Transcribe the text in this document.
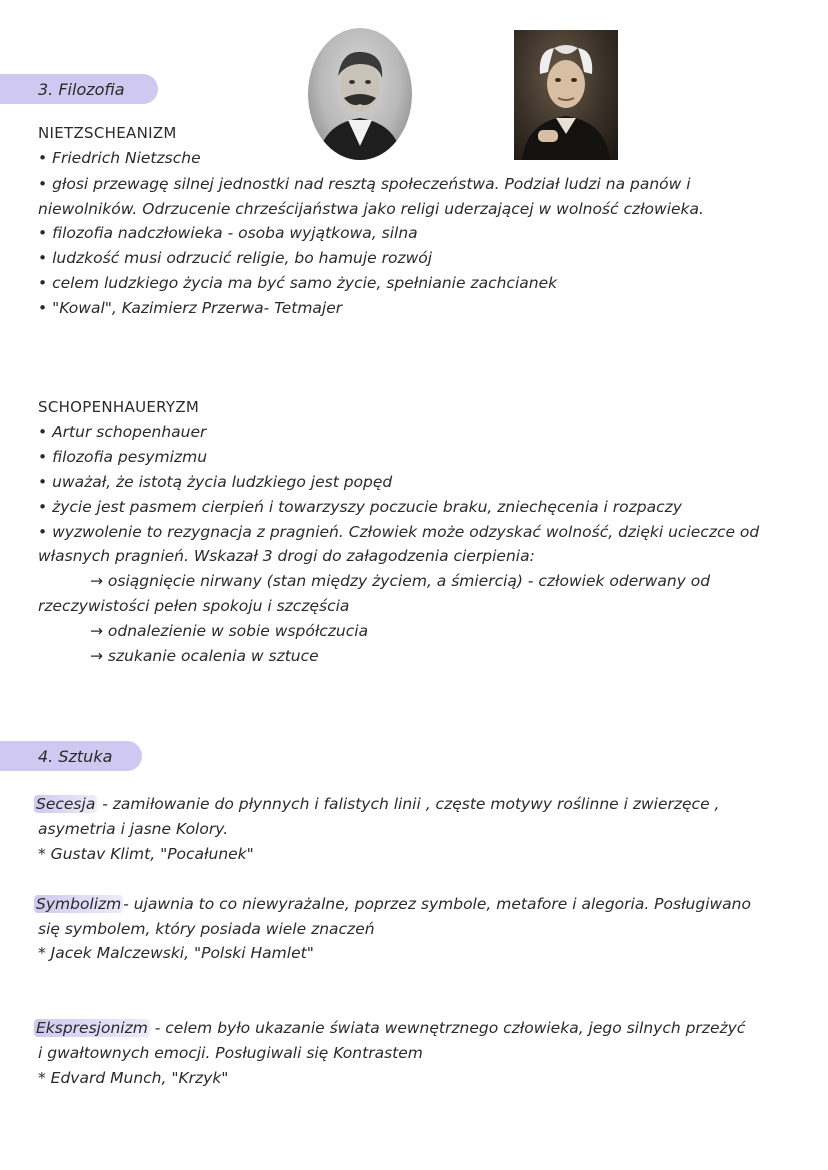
3. Filozofia
NIETZSCHEANIZM
• Friedrich Nietzsche
• głosi przewagę silnej jednostki nad resztą społeczeństwa. Podział ludzi na panów i
niewolników. Odrzucenie chrześcijaństwa jako religi uderzającej w wolność człowieka.
• filozofia nadczłowieka - osoba wyjątkowa, silna
• ludzkość musi odrzucić religie, bo hamuje rozwój
• celem ludzkiego życia ma być samo życie, spełnianie zachcianek
• "Kowal", Kazimierz Przerwa- Tetmajer
SCHOPENHAUERYZM
• Artur schopenhauer
• filozofia pesymizmu
• uważał, że istotą życia ludzkiego jest popęd
• życie jest pasmem cierpień i towarzyszy poczucie braku, zniechęcenia i rozpaczy
• wyzwolenie to rezygnacja z pragnień. Człowiek może odzyskać wolność, dzięki ucieczce od
własnych pragnień. Wskazał 3 drogi do załagodzenia cierpienia:
→ osiągnięcie nirwany (stan między życiem, a śmiercią) - człowiek oderwany od
rzeczywistości pełen spokoju i szczęścia
→ odnalezienie w sobie współczucia
→ szukanie ocalenia w sztuce
4. Sztuka
Secesja - zamiłowanie do płynnych i falistych linii , częste motywy roślinne i zwierzęce ,
asymetria i jasne Kolory.
* Gustav Klimt, "Pocałunek"
Symbolizm - ujawnia to co niewyrażalne, poprzez symbole, metafore i alegoria. Posługiwano
się symbolem, który posiada wiele znaczeń
* Jacek Malczewski, "Polski Hamlet"
Ekspresjonizm - celem było ukazanie świata wewnętrznego człowieka, jego silnych przeżyć
i gwałtownych emocji. Posługiwali się Kontrastem
* Edvard Munch, "Krzyk"
